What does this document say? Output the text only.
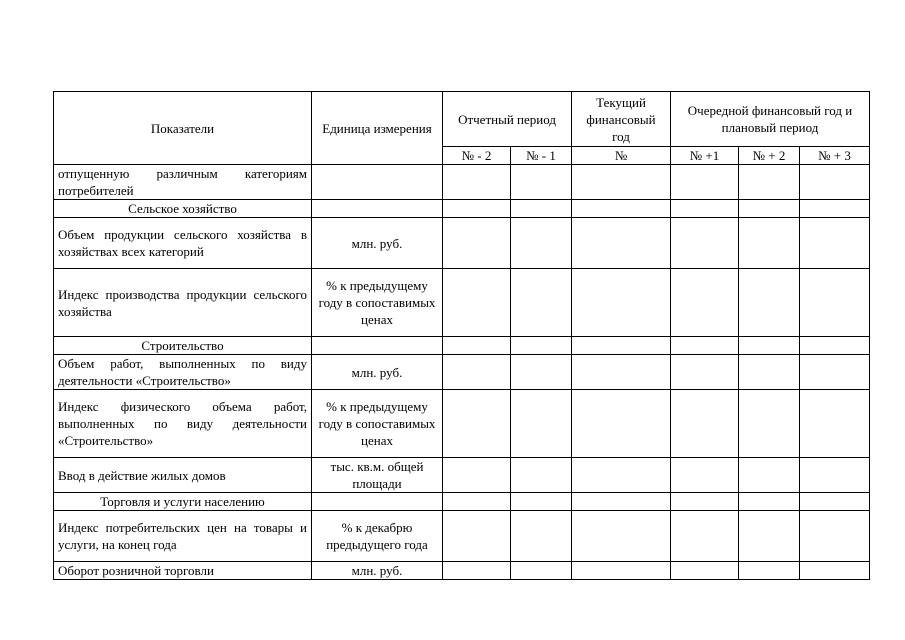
Показатели	Единица измерения	Отчетный период		Текущий финансовый год	Очередной финансовый год и плановый период		
		№ - 2	№ - 1	№	№ +1	№ + 2	№ + 3
отпущенную различным категориям потребителей							
Сельское хозяйство							
Объем продукции сельского хозяйства в хозяйствах всех категорий	млн. руб.						
Индекс производства продукции сельского хозяйства	% к предыдущему году в сопоставимых ценах						
Строительство							
Объем работ, выполненных по виду деятельности «Строительство»	млн. руб.						
Индекс физического объема работ, выполненных по виду деятельности «Строительство»	% к предыдущему году в сопоставимых ценах						
Ввод в действие жилых домов	тыс. кв.м. общей площади						
Торговля и услуги населению							
Индекс потребительских цен на товары и услуги, на конец года	% к декабрю предыдущего года						
Оборот розничной торговли	млн. руб.						
